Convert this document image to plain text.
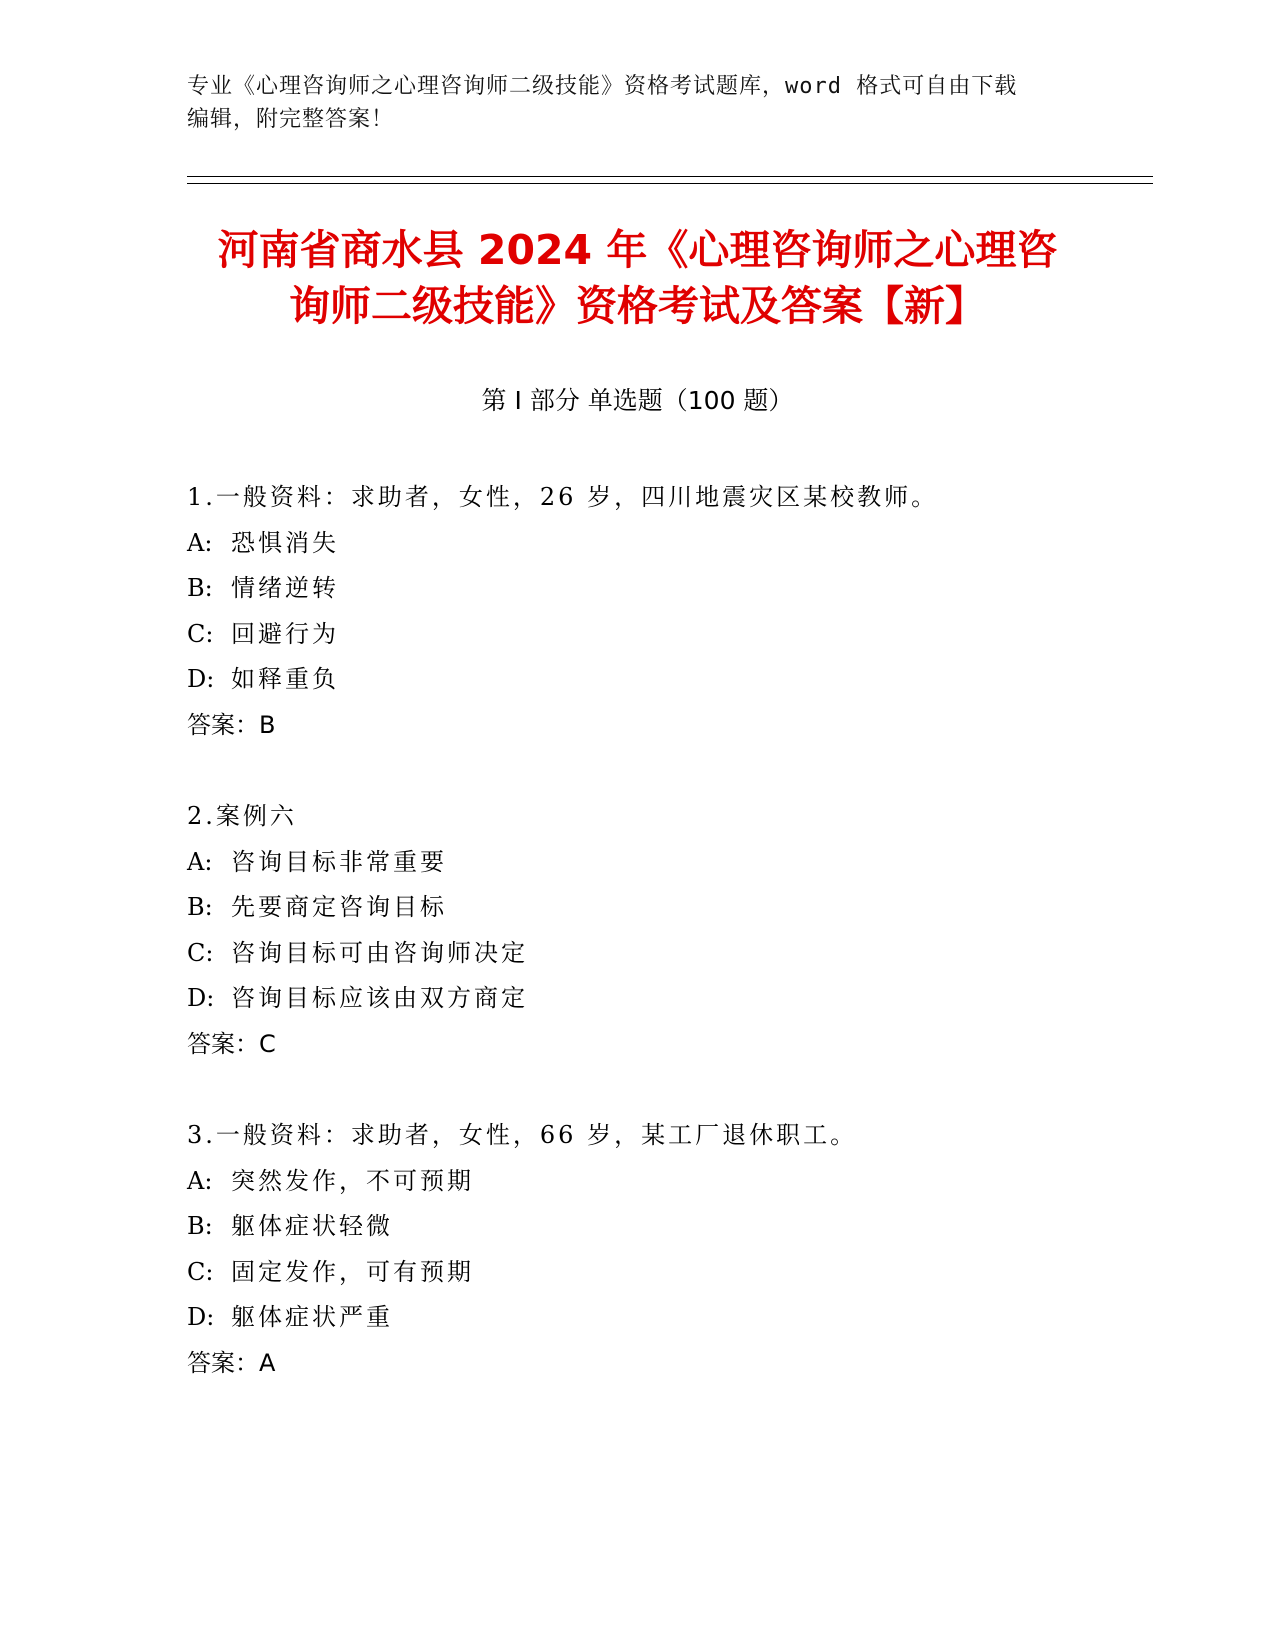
专业《心理咨询师之心理咨询师二级技能》资格考试题库，word 格式可自由下载
编辑，附完整答案！
河南省商水县 2024 年《心理咨询师之心理咨
询师二级技能》资格考试及答案【新】
第 I 部分 单选题（100 题）
1.一般资料：求助者，女性，26 岁，四川地震灾区某校教师。
A: 恐惧消失
B: 情绪逆转
C: 回避行为
D: 如释重负
答案：B
2.案例六
A: 咨询目标非常重要
B: 先要商定咨询目标
C: 咨询目标可由咨询师决定
D: 咨询目标应该由双方商定
答案：C
3.一般资料：求助者，女性，66 岁，某工厂退休职工。
A: 突然发作，不可预期
B: 躯体症状轻微
C: 固定发作，可有预期
D: 躯体症状严重
答案：A
